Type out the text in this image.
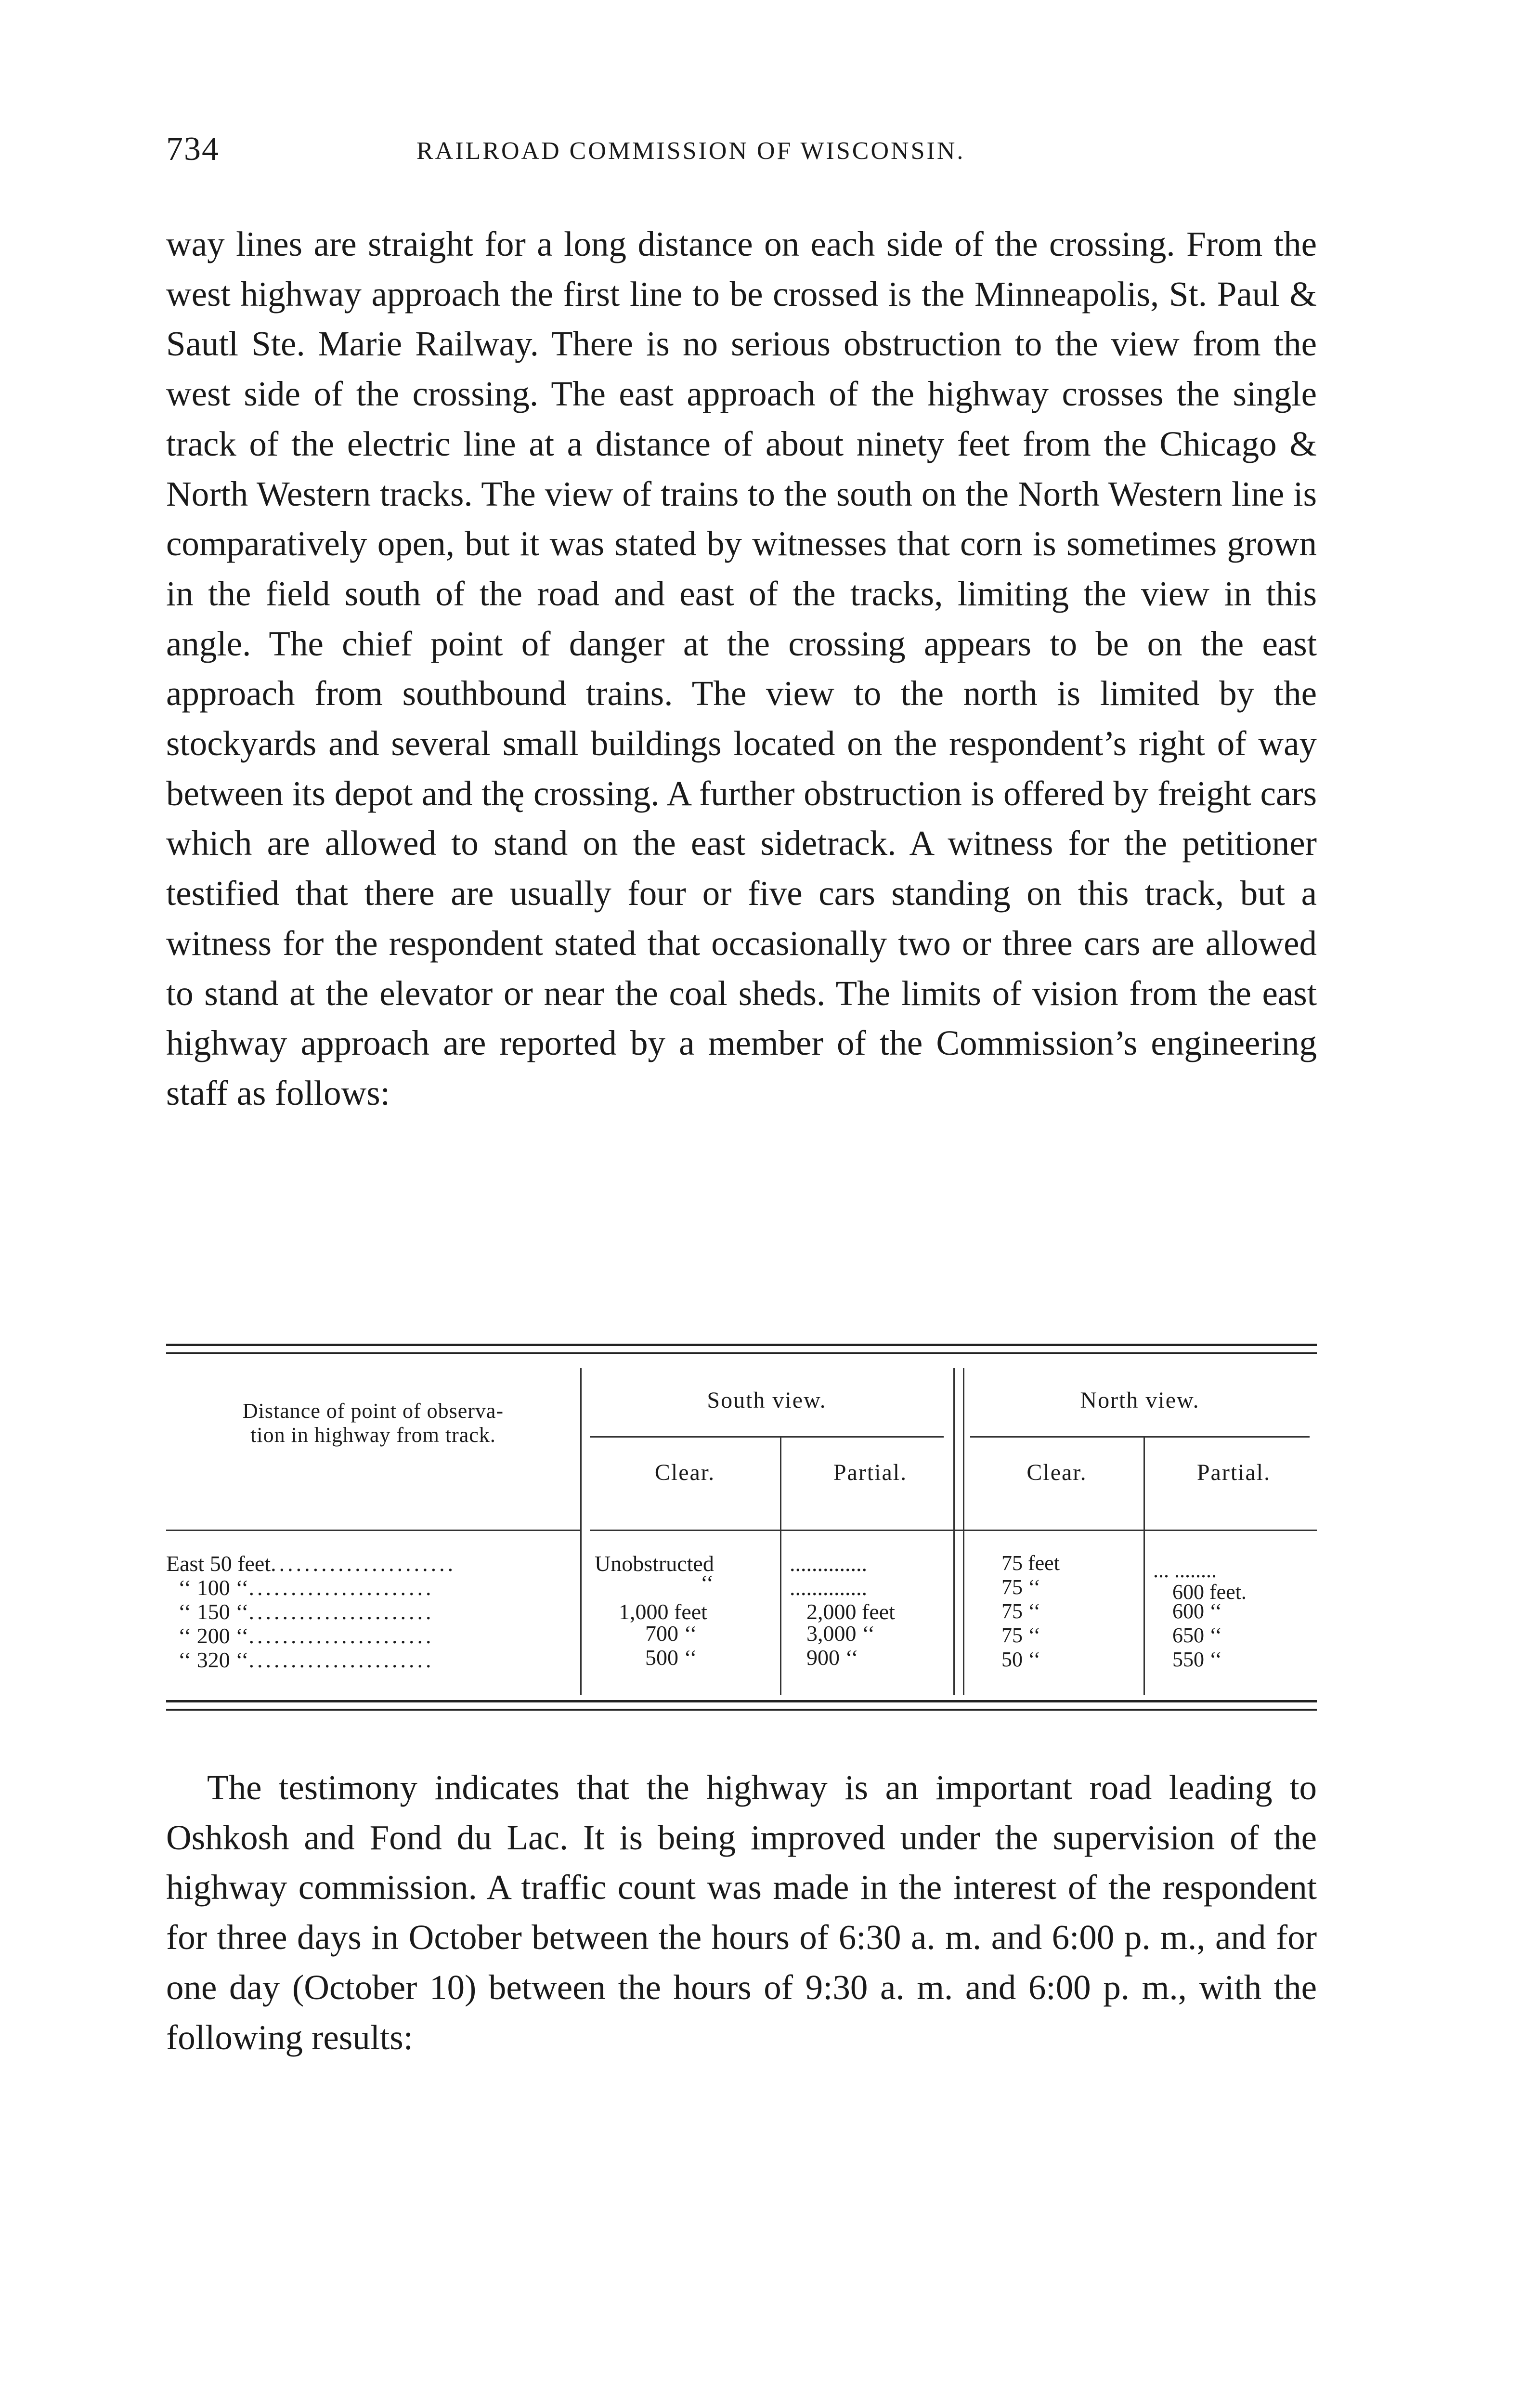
734	RAILROAD COMMISSION OF WISCONSIN.

way lines are straight for a long distance on each side of the crossing. From the west highway approach the first line to be crossed is the Minneapolis, St. Paul & Sautl Ste. Marie Railway. There is no serious obstruction to the view from the west side of the crossing. The east approach of the highway crosses the single track of the electric line at a distance of about ninety feet from the Chicago & North Western tracks. The view of trains to the south on the North Western line is comparatively open, but it was stated by witnesses that corn is sometimes grown in the field south of the road and east of the tracks, limiting the view in this angle. The chief point of danger at the crossing appears to be on the east approach from southbound trains. The view to the north is limited by the stockyards and several small buildings located on the respondent’s right of way between its depot and thę crossing. A further obstruction is offered by freight cars which are allowed to stand on the east sidetrack. A witness for the petitioner testified that there are usually four or five cars standing on this track, but a witness for the respondent stated that occasionally two or three cars are allowed to stand at the elevator or near the coal sheds. The limits of vision from the east highway approach are reported by a member of the Commission’s engineering staff as follows:

Distance of point of observa-
tion in highway from track.
South view.	North view.
Clear.	Partial.	Clear.	Partial.
East 50 feet......................	Unobstructed	..............	75 feet	... ........
‘‘ 100 ‘‘......................	‘‘	..............	75 ‘‘	600 feet.
‘‘ 150 ‘‘......................	1,000 feet	2,000 feet	75 ‘‘	600 ‘‘
‘‘ 200 ‘‘......................	700 ‘‘	3,000 ‘‘	75 ‘‘	650 ‘‘
‘‘ 320 ‘‘......................	500 ‘‘	900 ‘‘	50 ‘‘	550 ‘‘

The testimony indicates that the highway is an important road leading to Oshkosh and Fond du Lac. It is being improved under the supervision of the highway commission. A traffic count was made in the interest of the respondent for three days in October between the hours of 6:30 a. m. and 6:00 p. m., and for one day (October 10) between the hours of 9:30 a. m. and 6:00 p. m., with the following results:
